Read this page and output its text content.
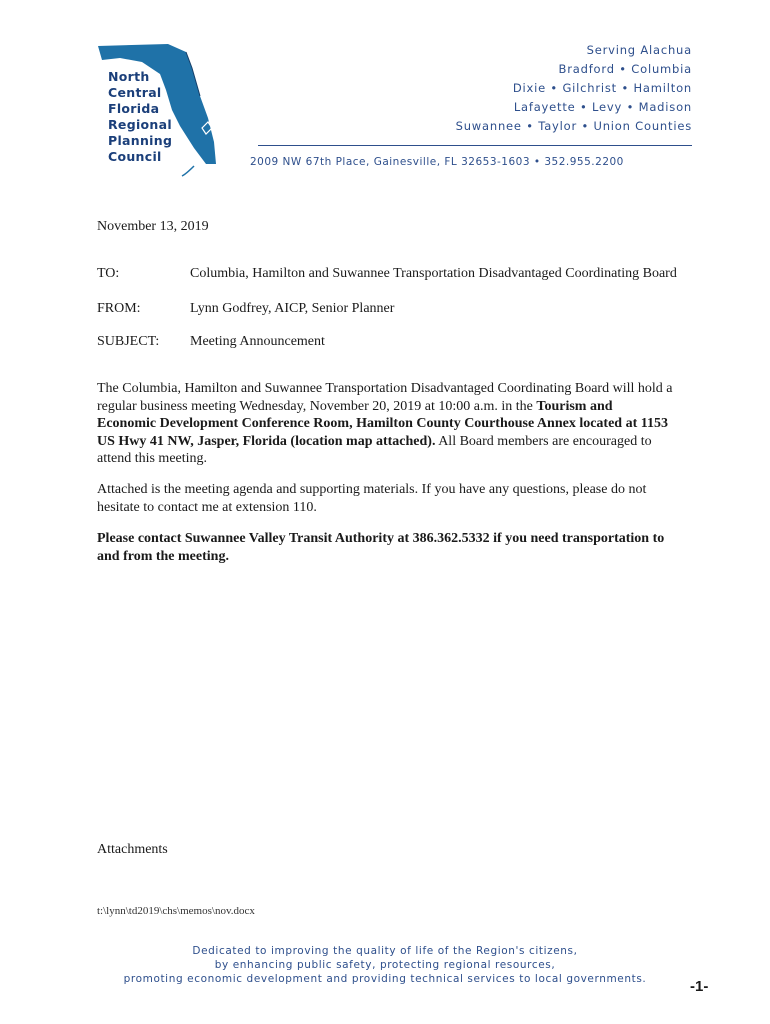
North
Central
Florida
Regional
Planning
Council
Serving Alachua
Bradford • Columbia
Dixie • Gilchrist • Hamilton
Lafayette • Levy • Madison
Suwannee • Taylor • Union Counties
2009 NW 67th Place, Gainesville, FL 32653-1603 • 352.955.2200
November 13, 2019
TO:	Columbia, Hamilton and Suwannee Transportation Disadvantaged Coordinating Board
FROM:	Lynn Godfrey, AICP, Senior Planner
SUBJECT:	Meeting Announcement
The Columbia, Hamilton and Suwannee Transportation Disadvantaged Coordinating Board will hold a regular business meeting Wednesday, November 20, 2019 at 10:00 a.m. in the Tourism and Economic Development Conference Room, Hamilton County Courthouse Annex located at 1153 US Hwy 41 NW, Jasper, Florida (location map attached). All Board members are encouraged to attend this meeting.
Attached is the meeting agenda and supporting materials. If you have any questions, please do not hesitate to contact me at extension 110.
Please contact Suwannee Valley Transit Authority at 386.362.5332 if you need transportation to and from the meeting.
Attachments
t:\lynn\td2019\chs\memos\nov.docx
Dedicated to improving the quality of life of the Region's citizens,
by enhancing public safety, protecting regional resources,
promoting economic development and providing technical services to local governments.	-1-
